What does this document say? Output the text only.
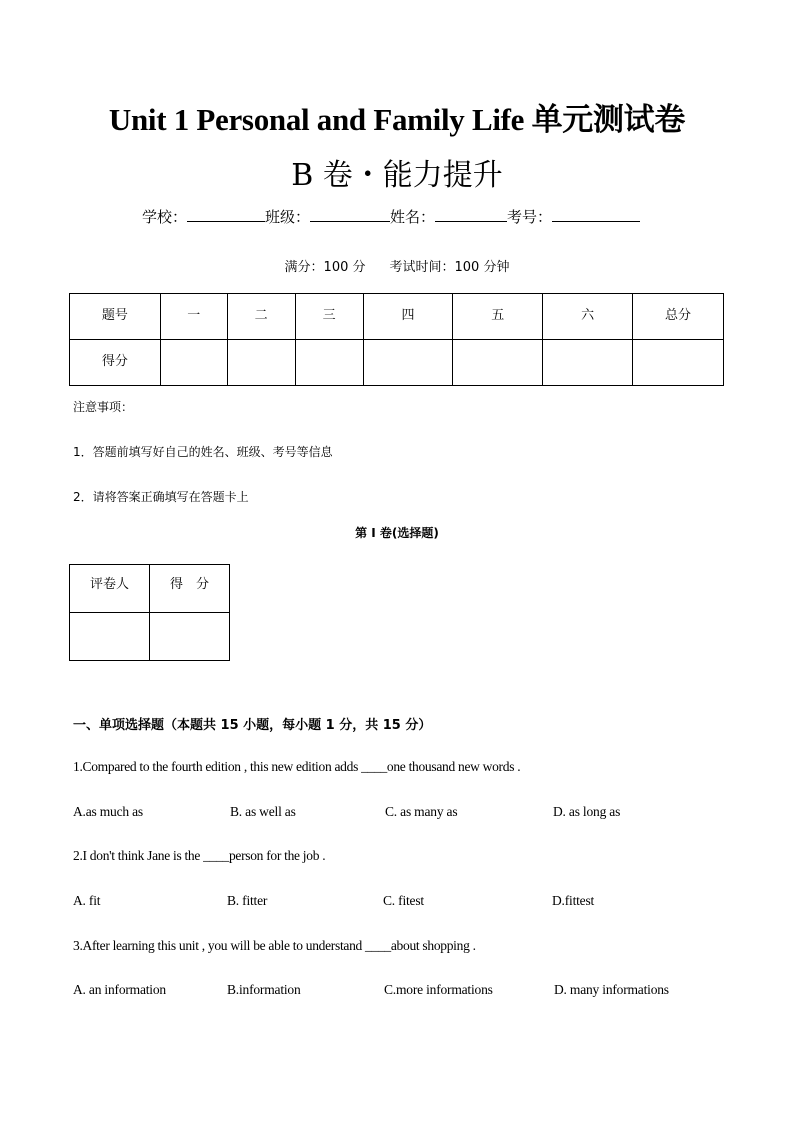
Unit 1 Personal and Family Life 单元测试卷
B 卷・能力提升
学校：	班级：	姓名：	考号：
满分：100 分 考试时间：100 分钟
题号	一	二	三	四	五	六	总分
得分							
注意事项：
1．答题前填写好自己的姓名、班级、考号等信息
2．请将答案正确填写在答题卡上
第 I 卷(选择题)
评卷人	得　分

一、单项选择题（本题共 15 小题，每小题 1 分，共 15 分）
1.Compared to the fourth edition , this new edition adds ____one thousand new words .
A.as much as	B. as well as	C. as many as	D. as long as
2.I don't think Jane is the ____person for the job .
A. fit	B. fitter	C. fitest	D.fittest
3.After learning this unit , you will be able to understand ____about shopping .
A. an information	B.information	C.more informations	D. many informations
